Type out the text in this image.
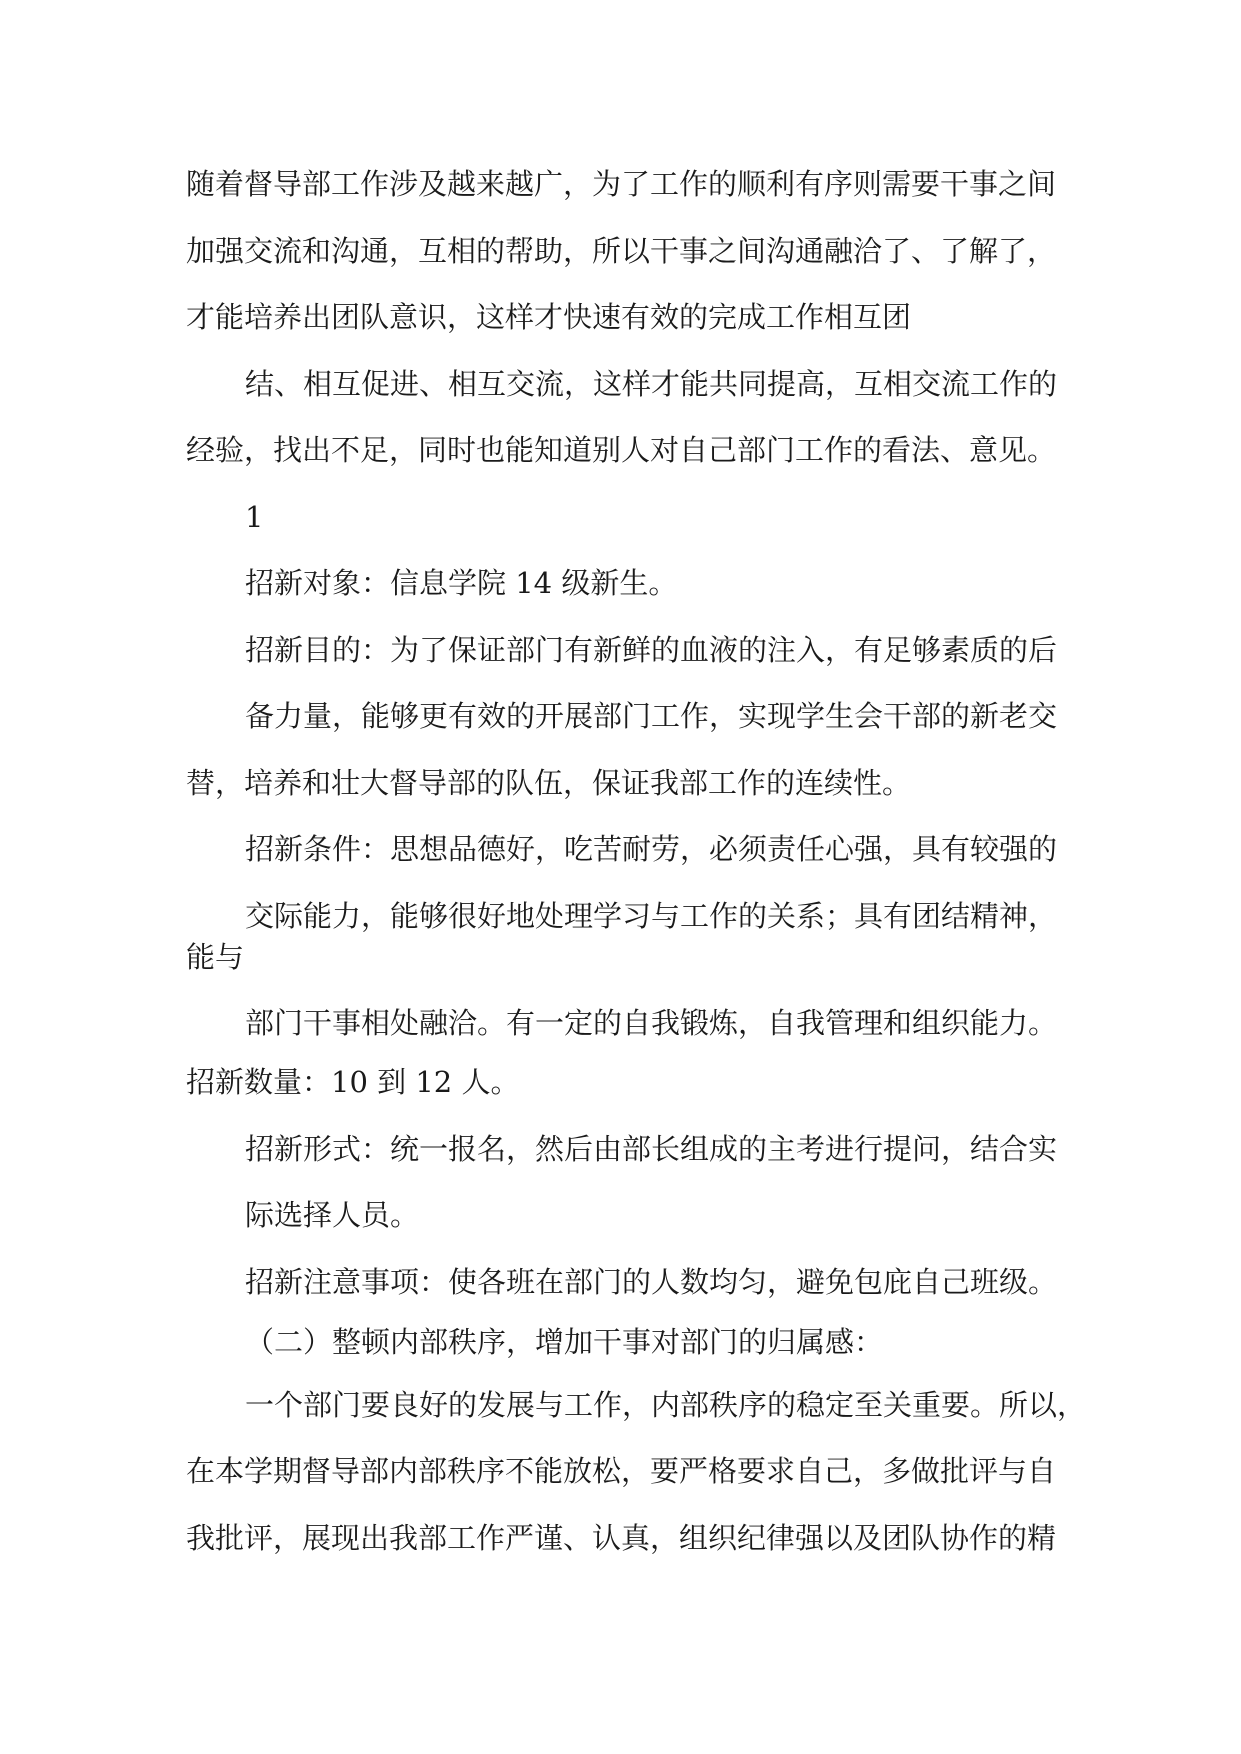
随着督导部工作涉及越来越广，为了工作的顺利有序则需要干事之间
加强交流和沟通，互相的帮助，所以干事之间沟通融洽了、了解了，
才能培养出团队意识，这样才快速有效的完成工作相互团
结、相互促进、相互交流，这样才能共同提高，互相交流工作的
经验，找出不足，同时也能知道别人对自己部门工作的看法、意见。
1
招新对象：信息学院 14 级新生。
招新目的：为了保证部门有新鲜的血液的注入，有足够素质的后
备力量，能够更有效的开展部门工作，实现学生会干部的新老交
替，培养和壮大督导部的队伍，保证我部工作的连续性。
招新条件：思想品德好，吃苦耐劳，必须责任心强，具有较强的
交际能力，能够很好地处理学习与工作的关系；具有团结精神，
能与
部门干事相处融洽。有一定的自我锻炼，自我管理和组织能力。
招新数量：10 到 12 人。
招新形式：统一报名，然后由部长组成的主考进行提问，结合实
际选择人员。
招新注意事项：使各班在部门的人数均匀，避免包庇自己班级。
（二）整顿内部秩序，增加干事对部门的归属感：
一个部门要良好的发展与工作，内部秩序的稳定至关重要。所以，
在本学期督导部内部秩序不能放松，要严格要求自己，多做批评与自
我批评，展现出我部工作严谨、认真，组织纪律强以及团队协作的精
